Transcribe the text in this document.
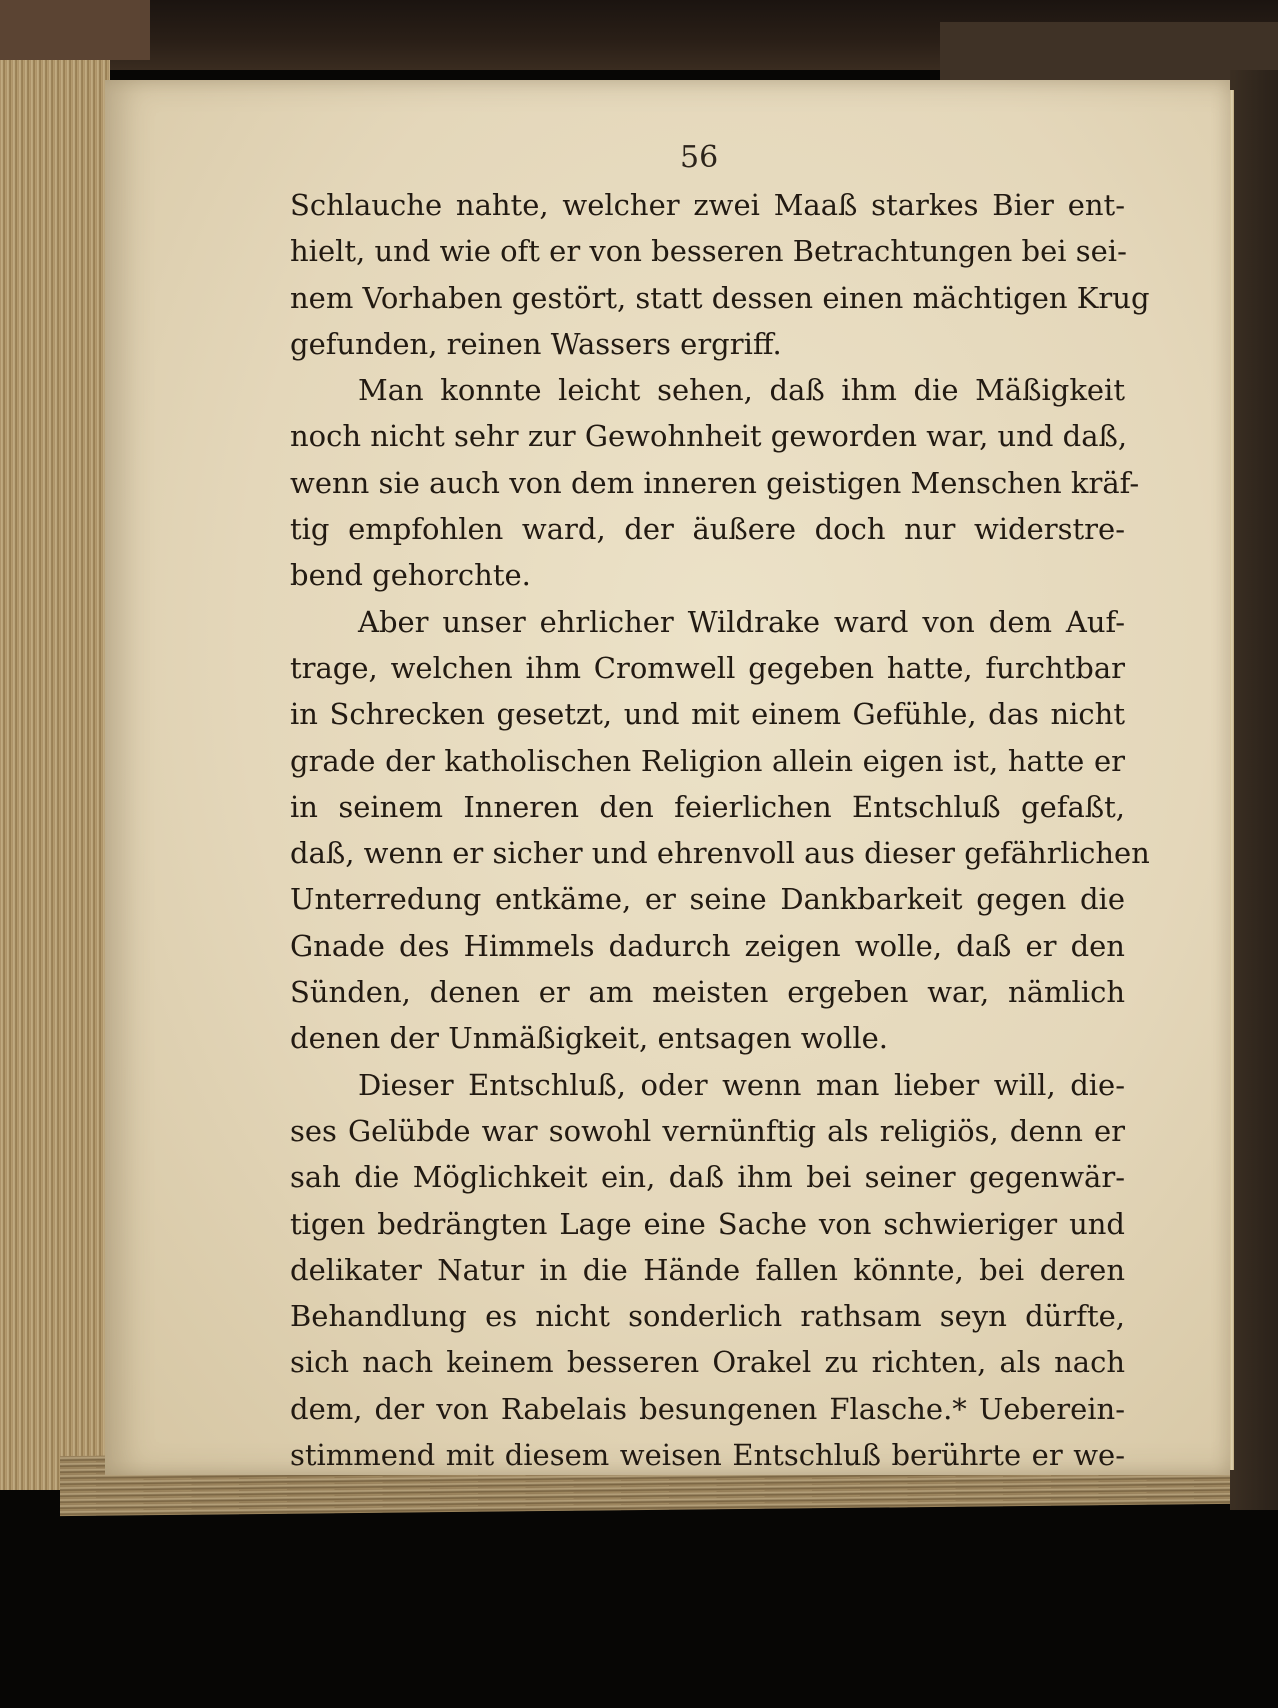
56
Schlauche nahte, welcher zwei Maaß starkes Bier ent-
hielt, und wie oft er von besseren Betrachtungen bei sei-
nem Vorhaben gestört, statt dessen einen mächtigen Krug
gefunden, reinen Wassers ergriff.
Man konnte leicht sehen, daß ihm die Mäßigkeit
noch nicht sehr zur Gewohnheit geworden war, und daß,
wenn sie auch von dem inneren geistigen Menschen kräf-
tig empfohlen ward, der äußere doch nur widerstre-
bend gehorchte.
Aber unser ehrlicher Wildrake ward von dem Auf-
trage, welchen ihm Cromwell gegeben hatte, furchtbar
in Schrecken gesetzt, und mit einem Gefühle, das nicht
grade der katholischen Religion allein eigen ist, hatte er
in seinem Inneren den feierlichen Entschluß gefaßt,
daß, wenn er sicher und ehrenvoll aus dieser gefährlichen
Unterredung entkäme, er seine Dankbarkeit gegen die
Gnade des Himmels dadurch zeigen wolle, daß er den
Sünden, denen er am meisten ergeben war, nämlich
denen der Unmäßigkeit, entsagen wolle.
Dieser Entschluß, oder wenn man lieber will, die-
ses Gelübde war sowohl vernünftig als religiös, denn er
sah die Möglichkeit ein, daß ihm bei seiner gegenwär-
tigen bedrängten Lage eine Sache von schwieriger und
delikater Natur in die Hände fallen könnte, bei deren
Behandlung es nicht sonderlich rathsam seyn dürfte,
sich nach keinem besseren Orakel zu richten, als nach
dem, der von Rabelais besungenen Flasche.* Ueberein-
stimmend mit diesem weisen Entschluß berührte er we-
